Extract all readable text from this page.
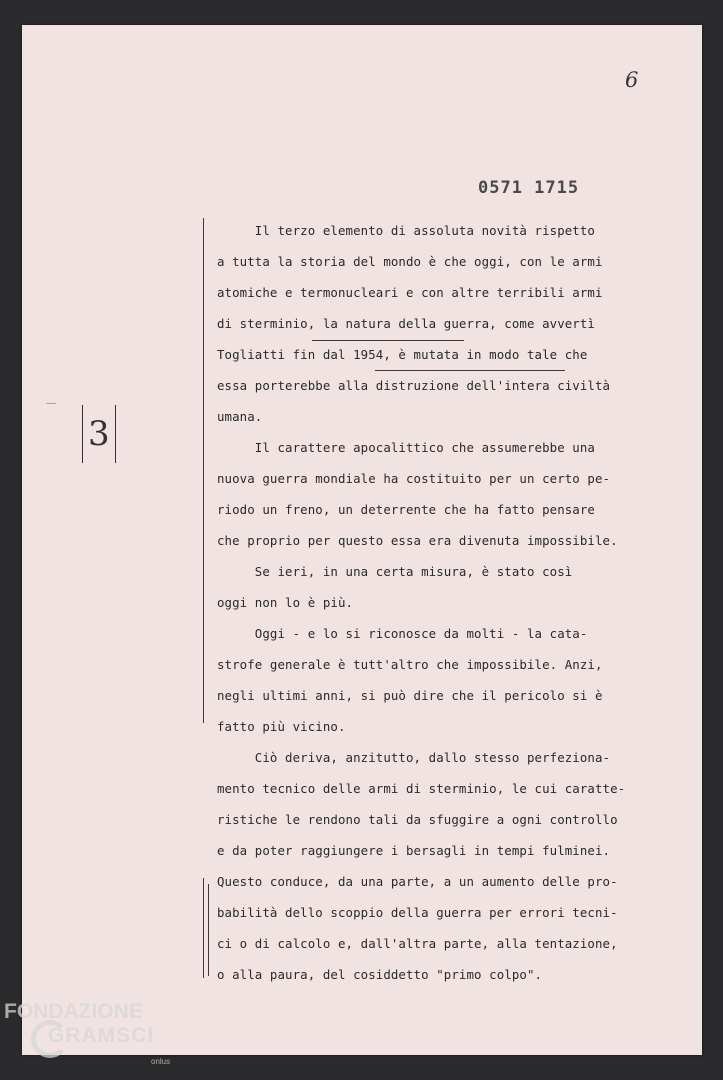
6
0571 1715
3
—
Il terzo elemento di assoluta novità rispetto
a tutta la storia del mondo è che oggi, con le armi
atomiche e termonucleari e con altre terribili armi
di sterminio, la natura della guerra, come avvertì
Togliatti fin dal 1954, è mutata in modo tale che
essa porterebbe alla distruzione dell'intera civiltà
umana.
Il carattere apocalittico che assumerebbe una
nuova guerra mondiale ha costituito per un certo pe-
riodo un freno, un deterrente che ha fatto pensare
che proprio per questo essa era divenuta impossibile.
Se ieri, in una certa misura, è stato così
oggi non lo è più.
Oggi - e lo si riconosce da molti - la cata-
strofe generale è tutt'altro che impossibile. Anzi,
negli ultimi anni, si può dire che il pericolo si è
fatto più vicino.
Ciò deriva, anzitutto, dallo stesso perfeziona-
mento tecnico delle armi di sterminio, le cui caratte-
ristiche le rendono tali da sfuggire a ogni controllo
e da poter raggiungere i bersagli in tempi fulminei.
Questo conduce, da una parte, a un aumento delle pro-
babilità dello scoppio della guerra per errori tecni-
ci o di calcolo e, dall'altra parte, alla tentazione,
o alla paura, del cosiddetto "primo colpo".
FONDAZIONE
GRAMSCI
onlus
